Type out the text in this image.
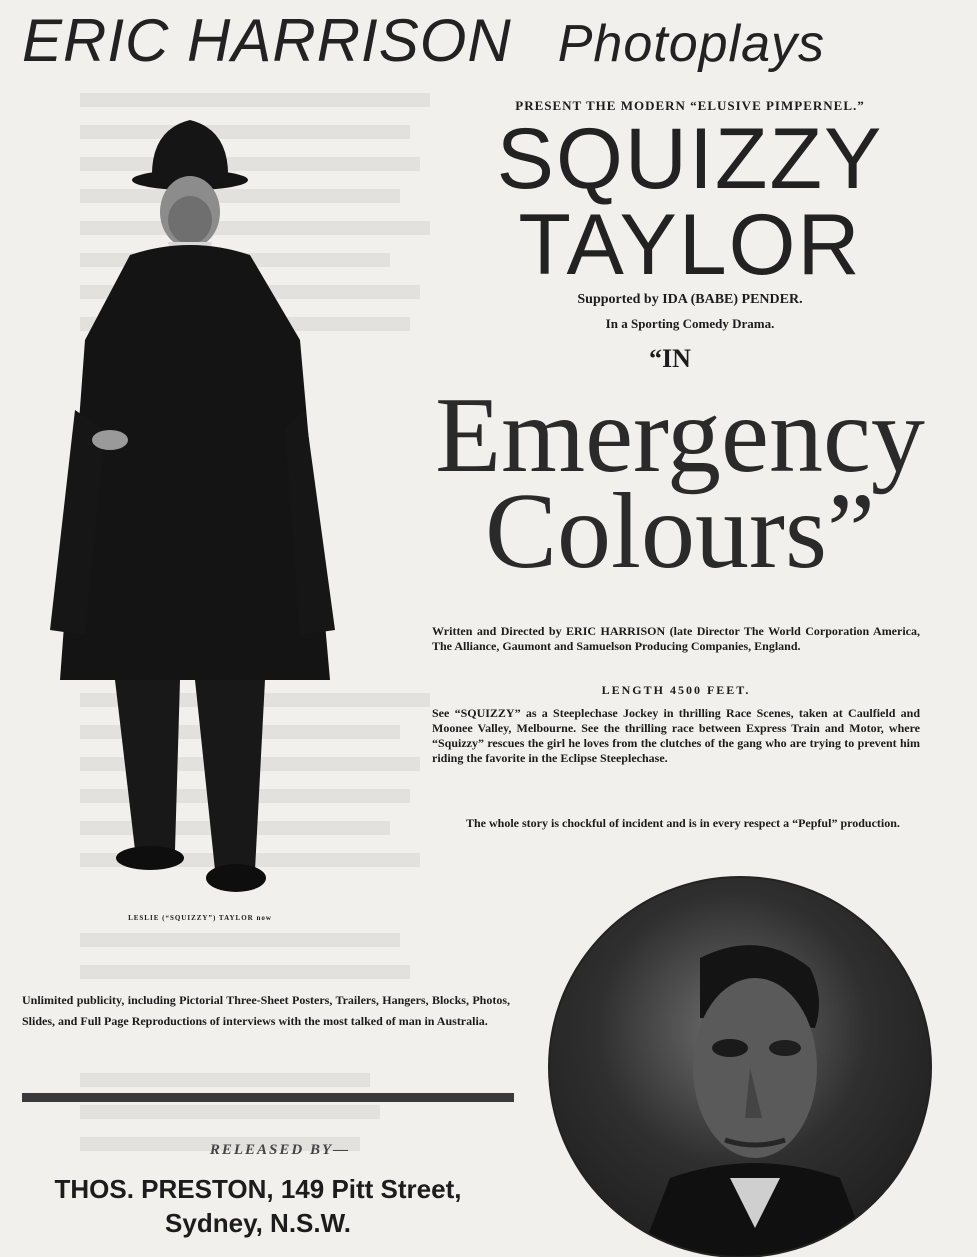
ERIC HARRISON Photoplays
LESLIE (“SQUIZZY”) TAYLOR now
PRESENT THE MODERN “ELUSIVE PIMPERNEL.”
SQUIZZY
TAYLOR
Supported by IDA (BABE) PENDER.
In a Sporting Comedy Drama.
“IN
Emergency
Colours”
Written and Directed by ERIC HARRISON (late Director The World Corporation America, The Alliance, Gaumont and Samuelson Producing Companies, England.
LENGTH 4500 FEET.
See “SQUIZZY” as a Steeplechase Jockey in thrilling Race Scenes, taken at Caulfield and Moonee Valley, Melbourne. See the thrilling race between Express Train and Motor, where “Squizzy” rescues the girl he loves from the clutches of the gang who are trying to prevent him riding the favorite in the Eclipse Steeplechase.
The whole story is chockful of incident and is in every respect a “Pepful” production.
Unlimited publicity, including Pictorial Three-Sheet Posters, Trailers, Hangers, Blocks, Photos, Slides, and Full Page Reproductions of interviews with the most talked of man in Australia.
RELEASED BY—
THOS. PRESTON, 149 Pitt Street,
Sydney, N.S.W.
